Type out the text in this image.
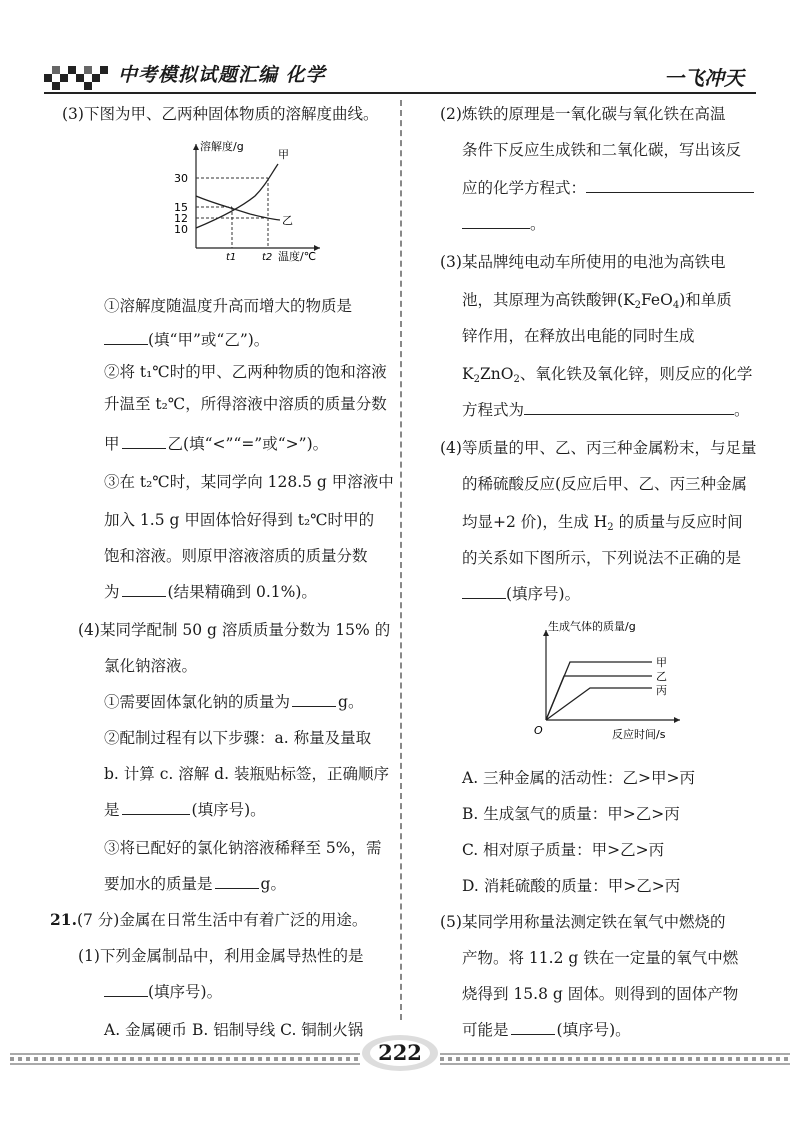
中考模拟试题汇编 化学	一飞冲天
(3)下图为甲、乙两种固体物质的溶解度曲线。
溶解度/g
温度/℃
30
15
12
10
t1	t2
甲
乙
①溶解度随温度升高而增大的物质是
(填“甲”或“乙”)。
②将 t₁℃时的甲、乙两种物质的饱和溶液
升温至 t₂℃，所得溶液中溶质的质量分数
甲	乙(填“<”“=”或“>”)。
③在 t₂℃时，某同学向 128.5 g 甲溶液中
加入 1.5 g 甲固体恰好得到 t₂℃时甲的
饱和溶液。则原甲溶液溶质的质量分数
为	(结果精确到 0.1%)。
(4)某同学配制 50 g 溶质质量分数为 15% 的
氯化钠溶液。
①需要固体氯化钠的质量为	g。
②配制过程有以下步骤：a. 称量及量取
b. 计算 c. 溶解 d. 装瓶贴标签，正确顺序
是	(填序号)。
③将已配好的氯化钠溶液稀释至 5%，需
要加水的质量是	g。
21.(7 分)金属在日常生活中有着广泛的用途。
(1)下列金属制品中，利用金属导热性的是
(填序号)。
A. 金属硬币 B. 铝制导线 C. 铜制火锅
(2)炼铁的原理是一氧化碳与氧化铁在高温
条件下反应生成铁和二氧化碳，写出该反
应的化学方程式：
。
(3)某品牌纯电动车所使用的电池为高铁电
池，其原理为高铁酸钾$(K_2FeO_4)$和单质
锌作用，在释放出电能的同时生成
$K_2ZnO_2$、氧化铁及氧化锌，则反应的化学
方程式为	。
(4)等质量的甲、乙、丙三种金属粉末，与足量
的稀硫酸反应(反应后甲、乙、丙三种金属
均显+2 价)，生成 $H_2$ 的质量与反应时间
的关系如下图所示，下列说法不正确的是
(填序号)。
生成气体的质量/g
反应时间/s
O
甲
乙
丙
A. 三种金属的活动性：乙>甲>丙
B. 生成氢气的质量：甲>乙>丙
C. 相对原子质量：甲>乙>丙
D. 消耗硫酸的质量：甲>乙>丙
(5)某同学用称量法测定铁在氧气中燃烧的
产物。将 11.2 g 铁在一定量的氧气中燃
烧得到 15.8 g 固体。则得到的固体产物
可能是	(填序号)。
222
